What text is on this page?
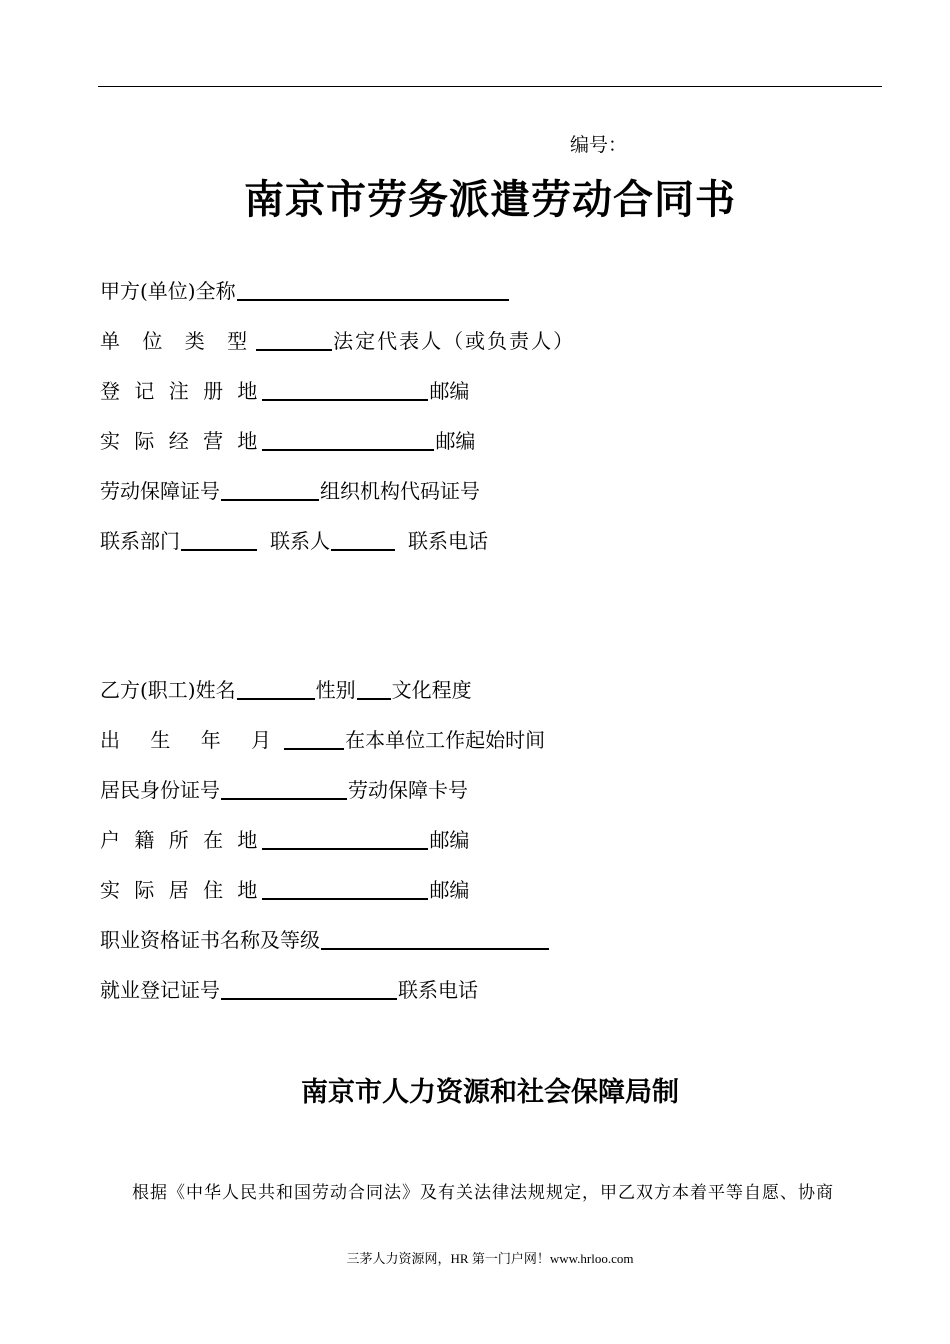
编号：
南京市劳务派遣劳动合同书
甲方(单位)全称
单 位 类 型	法定代表人（或负责人）
登 记 注 册 地	邮编
实 际 经 营 地	邮编
劳动保障证号	组织机构代码证号
联系部门	联系人	联系电话
乙方(职工)姓名	性别 文化程度
出 生 年 月	在本单位工作起始时间
居民身份证号	劳动保障卡号
户 籍 所 在 地	邮编
实 际 居 住 地	邮编
职业资格证书名称及等级
就业登记证号	联系电话
南京市人力资源和社会保障局制
根据《中华人民共和国劳动合同法》及有关法律法规规定，甲乙双方本着平等自愿、协商
三茅人力资源网，HR 第一门户网！www.hrloo.com
